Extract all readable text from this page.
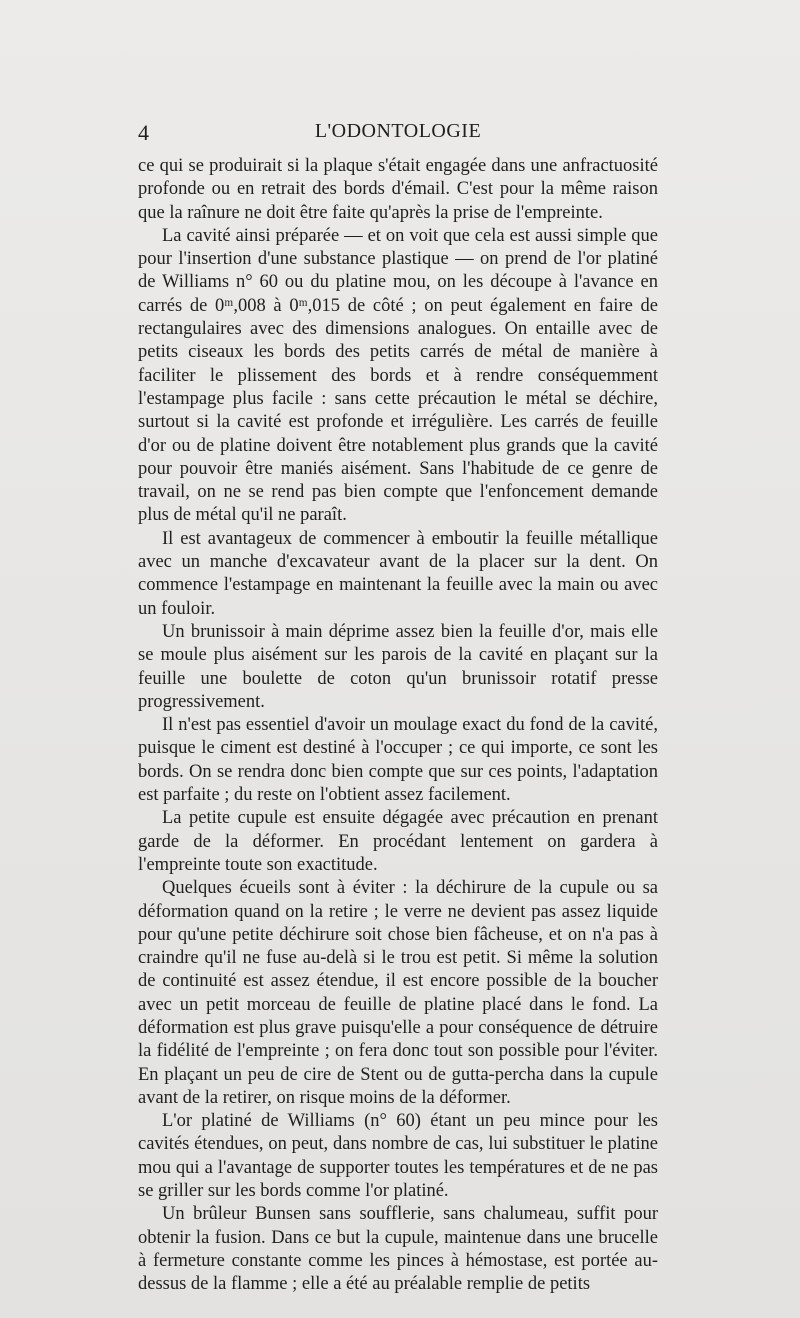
4	L'ODONTOLOGIE

ce qui se produirait si la plaque s'était engagée dans une anfractuosité profonde ou en retrait des bords d'émail. C'est pour la même raison que la raînure ne doit être faite qu'après la prise de l'empreinte.

La cavité ainsi préparée — et on voit que cela est aussi simple que pour l'insertion d'une substance plastique — on prend de l'or platiné de Williams n° 60 ou du platine mou, on les découpe à l'avance en carrés de 0ᵐ,008 à 0ᵐ,015 de côté ; on peut également en faire de rectangulaires avec des dimensions analogues. On entaille avec de petits ciseaux les bords des petits carrés de métal de manière à faciliter le plissement des bords et à rendre conséquemment l'estampage plus facile : sans cette précaution le métal se déchire, surtout si la cavité est profonde et irrégulière. Les carrés de feuille d'or ou de platine doivent être notablement plus grands que la cavité pour pouvoir être maniés aisément. Sans l'habitude de ce genre de travail, on ne se rend pas bien compte que l'enfoncement demande plus de métal qu'il ne paraît.

Il est avantageux de commencer à emboutir la feuille métallique avec un manche d'excavateur avant de la placer sur la dent. On commence l'estampage en maintenant la feuille avec la main ou avec un fouloir.

Un brunissoir à main déprime assez bien la feuille d'or, mais elle se moule plus aisément sur les parois de la cavité en plaçant sur la feuille une boulette de coton qu'un brunissoir rotatif presse progressivement.

Il n'est pas essentiel d'avoir un moulage exact du fond de la cavité, puisque le ciment est destiné à l'occuper ; ce qui importe, ce sont les bords. On se rendra donc bien compte que sur ces points, l'adaptation est parfaite ; du reste on l'obtient assez facilement.

La petite cupule est ensuite dégagée avec précaution en prenant garde de la déformer. En procédant lentement on gardera à l'empreinte toute son exactitude.

Quelques écueils sont à éviter : la déchirure de la cupule ou sa déformation quand on la retire ; le verre ne devient pas assez liquide pour qu'une petite déchirure soit chose bien fâcheuse, et on n'a pas à craindre qu'il ne fuse au-delà si le trou est petit. Si même la solution de continuité est assez étendue, il est encore possible de la boucher avec un petit morceau de feuille de platine placé dans le fond. La déformation est plus grave puisqu'elle a pour conséquence de détruire la fidélité de l'empreinte ; on fera donc tout son possible pour l'éviter. En plaçant un peu de cire de Stent ou de gutta-percha dans la cupule avant de la retirer, on risque moins de la déformer.

L'or platiné de Williams (n° 60) étant un peu mince pour les cavités étendues, on peut, dans nombre de cas, lui substituer le platine mou qui a l'avantage de supporter toutes les températures et de ne pas se griller sur les bords comme l'or platiné.

Un brûleur Bunsen sans soufflerie, sans chalumeau, suffit pour obtenir la fusion. Dans ce but la cupule, maintenue dans une brucelle à fermeture constante comme les pinces à hémostase, est portée au-dessus de la flamme ; elle a été au préalable remplie de petits
